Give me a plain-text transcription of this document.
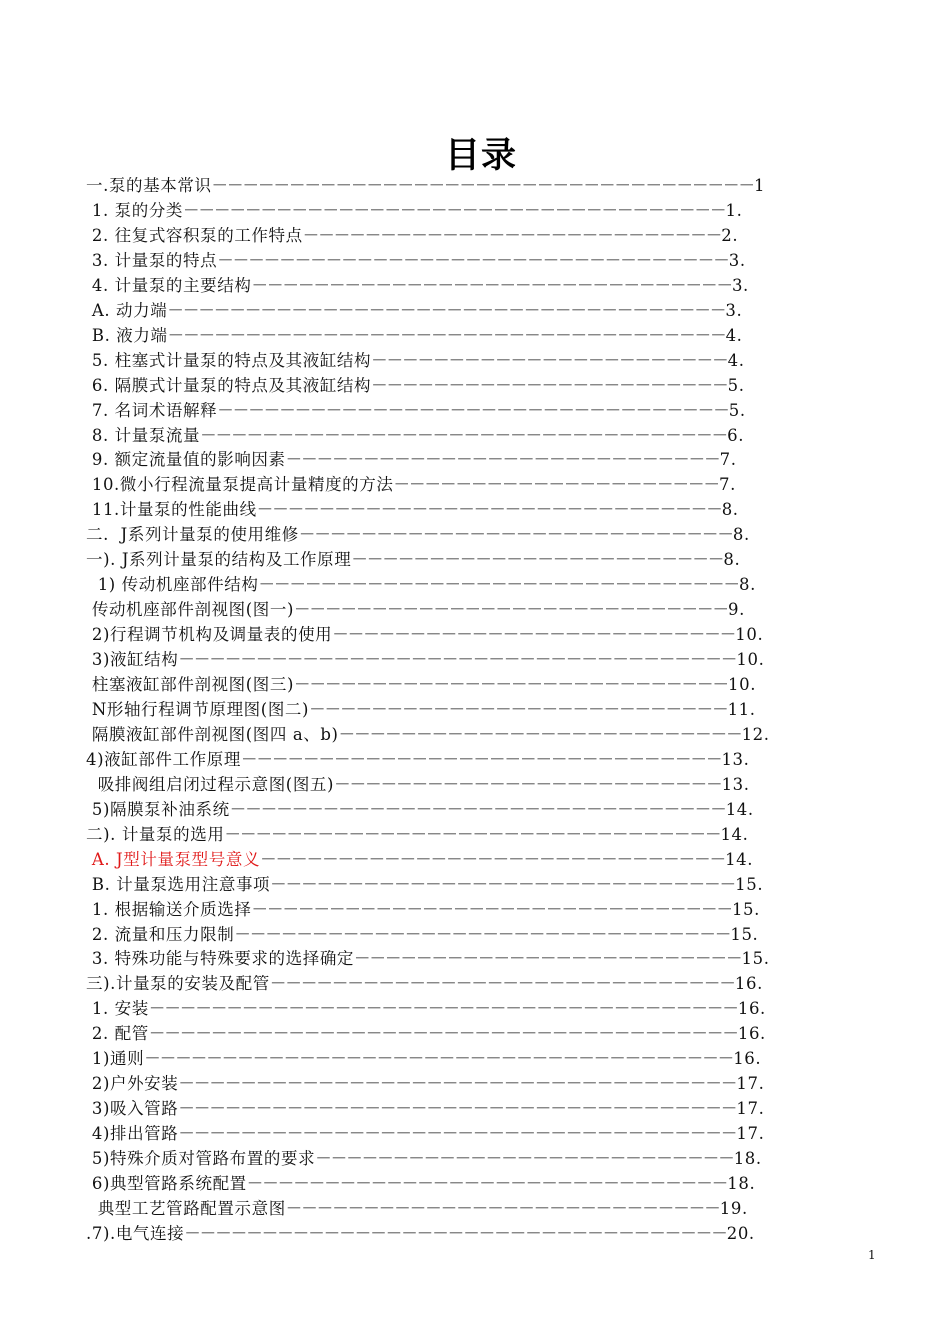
目录
一.泵的基本常识－－－－－－－－－－－－－－－－－－－－－－－－－－－－－－－－－－－1
1. 泵的分类－－－－－－－－－－－－－－－－－－－－－－－－－－－－－－－－－－－1.
2. 往复式容积泵的工作特点－－－－－－－－－－－－－－－－－－－－－－－－－－－2.
3. 计量泵的特点－－－－－－－－－－－－－－－－－－－－－－－－－－－－－－－－－3.
4. 计量泵的主要结构－－－－－－－－－－－－－－－－－－－－－－－－－－－－－－－3.
A. 动力端－－－－－－－－－－－－－－－－－－－－－－－－－－－－－－－－－－－－3.
B. 液力端－－－－－－－－－－－－－－－－－－－－－－－－－－－－－－－－－－－－4.
5. 柱塞式计量泵的特点及其液缸结构－－－－－－－－－－－－－－－－－－－－－－－4.
6. 隔膜式计量泵的特点及其液缸结构－－－－－－－－－－－－－－－－－－－－－－－5.
7. 名词术语解释－－－－－－－－－－－－－－－－－－－－－－－－－－－－－－－－－5.
8. 计量泵流量－－－－－－－－－－－－－－－－－－－－－－－－－－－－－－－－－－6.
9. 额定流量值的影响因素－－－－－－－－－－－－－－－－－－－－－－－－－－－－7.
10.微小行程流量泵提高计量精度的方法－－－－－－－－－－－－－－－－－－－－－7.
11.计量泵的性能曲线－－－－－－－－－－－－－－－－－－－－－－－－－－－－－－8.
二.  J系列计量泵的使用维修－－－－－－－－－－－－－－－－－－－－－－－－－－－－8.
一). J系列计量泵的结构及工作原理－－－－－－－－－－－－－－－－－－－－－－－－8.
1) 传动机座部件结构－－－－－－－－－－－－－－－－－－－－－－－－－－－－－－－8.
传动机座部件剖视图(图一)－－－－－－－－－－－－－－－－－－－－－－－－－－－－9.
2)行程调节机构及调量表的使用－－－－－－－－－－－－－－－－－－－－－－－－－－10.
3)液缸结构－－－－－－－－－－－－－－－－－－－－－－－－－－－－－－－－－－－－10.
柱塞液缸部件剖视图(图三)－－－－－－－－－－－－－－－－－－－－－－－－－－－－10.
N形轴行程调节原理图(图二)－－－－－－－－－－－－－－－－－－－－－－－－－－－11.
隔膜液缸部件剖视图(图四 a、b)－－－－－－－－－－－－－－－－－－－－－－－－－－12.
4)液缸部件工作原理－－－－－－－－－－－－－－－－－－－－－－－－－－－－－－－13.
吸排阀组启闭过程示意图(图五)－－－－－－－－－－－－－－－－－－－－－－－－－13.
5)隔膜泵补油系统－－－－－－－－－－－－－－－－－－－－－－－－－－－－－－－－14.
二). 计量泵的选用－－－－－－－－－－－－－－－－－－－－－－－－－－－－－－－－14.
A. J型计量泵型号意义－－－－－－－－－－－－－－－－－－－－－－－－－－－－－－14.
B. 计量泵选用注意事项－－－－－－－－－－－－－－－－－－－－－－－－－－－－－－15.
1. 根据输送介质选择－－－－－－－－－－－－－－－－－－－－－－－－－－－－－－－15.
2. 流量和压力限制－－－－－－－－－－－－－－－－－－－－－－－－－－－－－－－－15.
3. 特殊功能与特殊要求的选择确定－－－－－－－－－－－－－－－－－－－－－－－－－15.
三).计量泵的安装及配管－－－－－－－－－－－－－－－－－－－－－－－－－－－－－－16.
1. 安装－－－－－－－－－－－－－－－－－－－－－－－－－－－－－－－－－－－－－－16.
2. 配管－－－－－－－－－－－－－－－－－－－－－－－－－－－－－－－－－－－－－－16.
1)通则－－－－－－－－－－－－－－－－－－－－－－－－－－－－－－－－－－－－－－16.
2)户外安装－－－－－－－－－－－－－－－－－－－－－－－－－－－－－－－－－－－－17.
3)吸入管路－－－－－－－－－－－－－－－－－－－－－－－－－－－－－－－－－－－－17.
4)排出管路－－－－－－－－－－－－－－－－－－－－－－－－－－－－－－－－－－－－17.
5)特殊介质对管路布置的要求－－－－－－－－－－－－－－－－－－－－－－－－－－－18.
6)典型管路系统配置－－－－－－－－－－－－－－－－－－－－－－－－－－－－－－－18.
典型工艺管路配置示意图－－－－－－－－－－－－－－－－－－－－－－－－－－－－19.
.7).电气连接－－－－－－－－－－－－－－－－－－－－－－－－－－－－－－－－－－－20.
1
